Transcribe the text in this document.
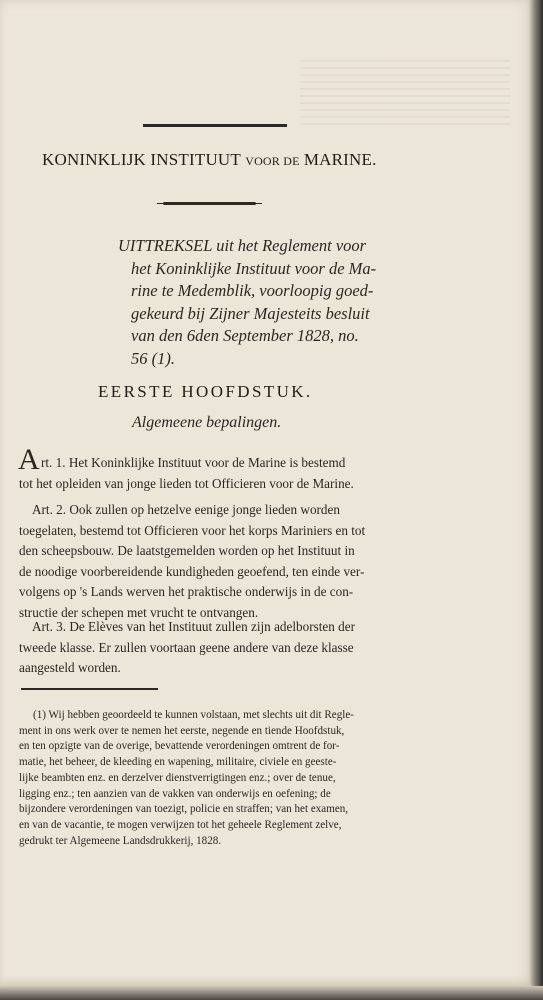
KONINKLIJK INSTITUUT VOOR DE MARINE.
UITTREKSEL uit het Reglement voor
het Koninklijke Instituut voor de Ma-
rine te Medemblik, voorloopig goed-
gekeurd bij Zijner Majesteits besluit
van den 6den September 1828, no.
56 (1).
EERSTE HOOFDSTUK.
Algemeene bepalingen.
A rt. 1. Het Koninklijke Instituut voor de Marine is bestemd
tot het opleiden van jonge lieden tot Officieren voor de Marine.
Art. 2. Ook zullen op hetzelve eenige jonge lieden worden
toegelaten, bestemd tot Officieren voor het korps Mariniers en tot
den scheepsbouw. De laatstgemelden worden op het Instituut in
de noodige voorbereidende kundigheden geoefend, ten einde ver-
volgens op 's Lands werven het praktische onderwijs in de con-
structie der schepen met vrucht te ontvangen.
Art. 3. De Elèves van het Instituut zullen zijn adelborsten der
tweede klasse. Er zullen voortaan geene andere van deze klasse
aangesteld worden.
(1) Wij hebben geoordeeld te kunnen volstaan, met slechts uit dit Regle-
ment in ons werk over te nemen het eerste, negende en tiende Hoofdstuk,
en ten opzigte van de overige, bevattende verordeningen omtrent de for-
matie, het beheer, de kleeding en wapening, militaire, civiele en geeste-
lijke beambten enz. en derzelver dienstverrigtingen enz.; over de tenue,
ligging enz.; ten aanzien van de vakken van onderwijs en oefening; de
bijzondere verordeningen van toezigt, policie en straffen; van het examen,
en van de vacantie, te mogen verwijzen tot het geheele Reglement zelve,
gedrukt ter Algemeene Landsdrukkerij, 1828.
